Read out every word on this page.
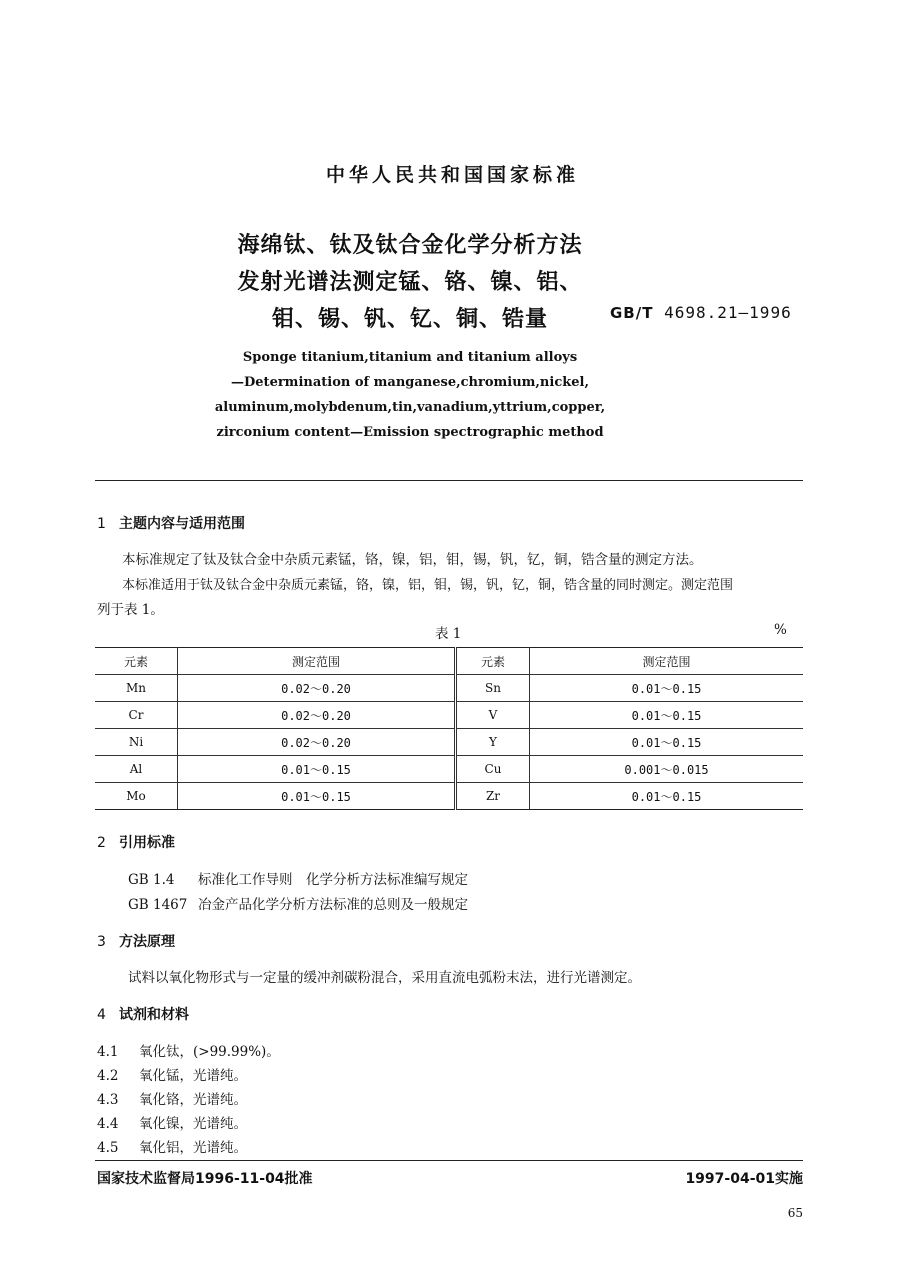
中华人民共和国国家标准
海绵钛、钛及钛合金化学分析方法
发射光谱法测定锰、铬、镍、铝、
钼、锡、钒、钇、铜、锆量	GB/T 4698.21—1996
Sponge titanium,titanium and titanium alloys
—Determination of manganese,chromium,nickel,
aluminum,molybdenum,tin,vanadium,yttrium,copper,
zirconium content—Emission spectrographic method
1 主题内容与适用范围
本标准规定了钛及钛合金中杂质元素锰，铬，镍，铝，钼，锡，钒，钇，铜，锆含量的测定方法。
本标准适用于钛及钛合金中杂质元素锰，铬，镍，铝，钼，锡，钒，钇，铜，锆含量的同时测定。测定范围
列于表 1。
表 1	%
元素	测定范围	元素	测定范围
Mn	0.02～0.20	Sn	0.01～0.15
Cr	0.02～0.20	V	0.01～0.15
Ni	0.02～0.20	Y	0.01～0.15
Al	0.01～0.15	Cu	0.001～0.015
Mo	0.01～0.15	Zr	0.01～0.15
2 引用标准
GB 1.4 标准化工作导则　化学分析方法标准编写规定
GB 1467 冶金产品化学分析方法标准的总则及一般规定
3 方法原理
试料以氧化物形式与一定量的缓冲剂碳粉混合，采用直流电弧粉末法，进行光谱测定。
4 试剂和材料
4.1 氧化钛，(>99.99%)。
4.2 氧化锰，光谱纯。
4.3 氧化铬，光谱纯。
4.4 氧化镍，光谱纯。
4.5 氧化铝，光谱纯。
国家技术监督局1996-11-04批准	1997-04-01实施
65
